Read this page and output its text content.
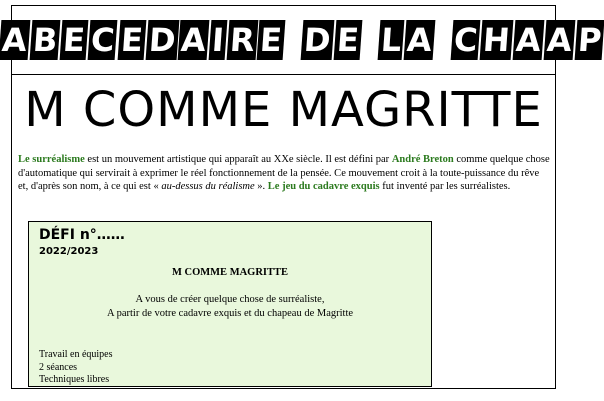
A B E C E D A I R E D E L A C H A A P
M COMME MAGRITTE
Le surréalisme est un mouvement artistique qui apparaît au XXe siècle. Il est défini par André Breton comme quelque chose d'automatique qui servirait à exprimer le réel fonctionnement de la pensée. Ce mouvement croit à la toute-puissance du rêve et, d'après son nom, à ce qui est « au-dessus du réalisme ». Le jeu du cadavre exquis fut inventé par les surréalistes.
DÉFI n°……
2022/2023
M COMME MAGRITTE
A vous de créer quelque chose de surréaliste,
A partir de votre cadavre exquis et du chapeau de Magritte
Travail en équipes
2 séances
Techniques libres
